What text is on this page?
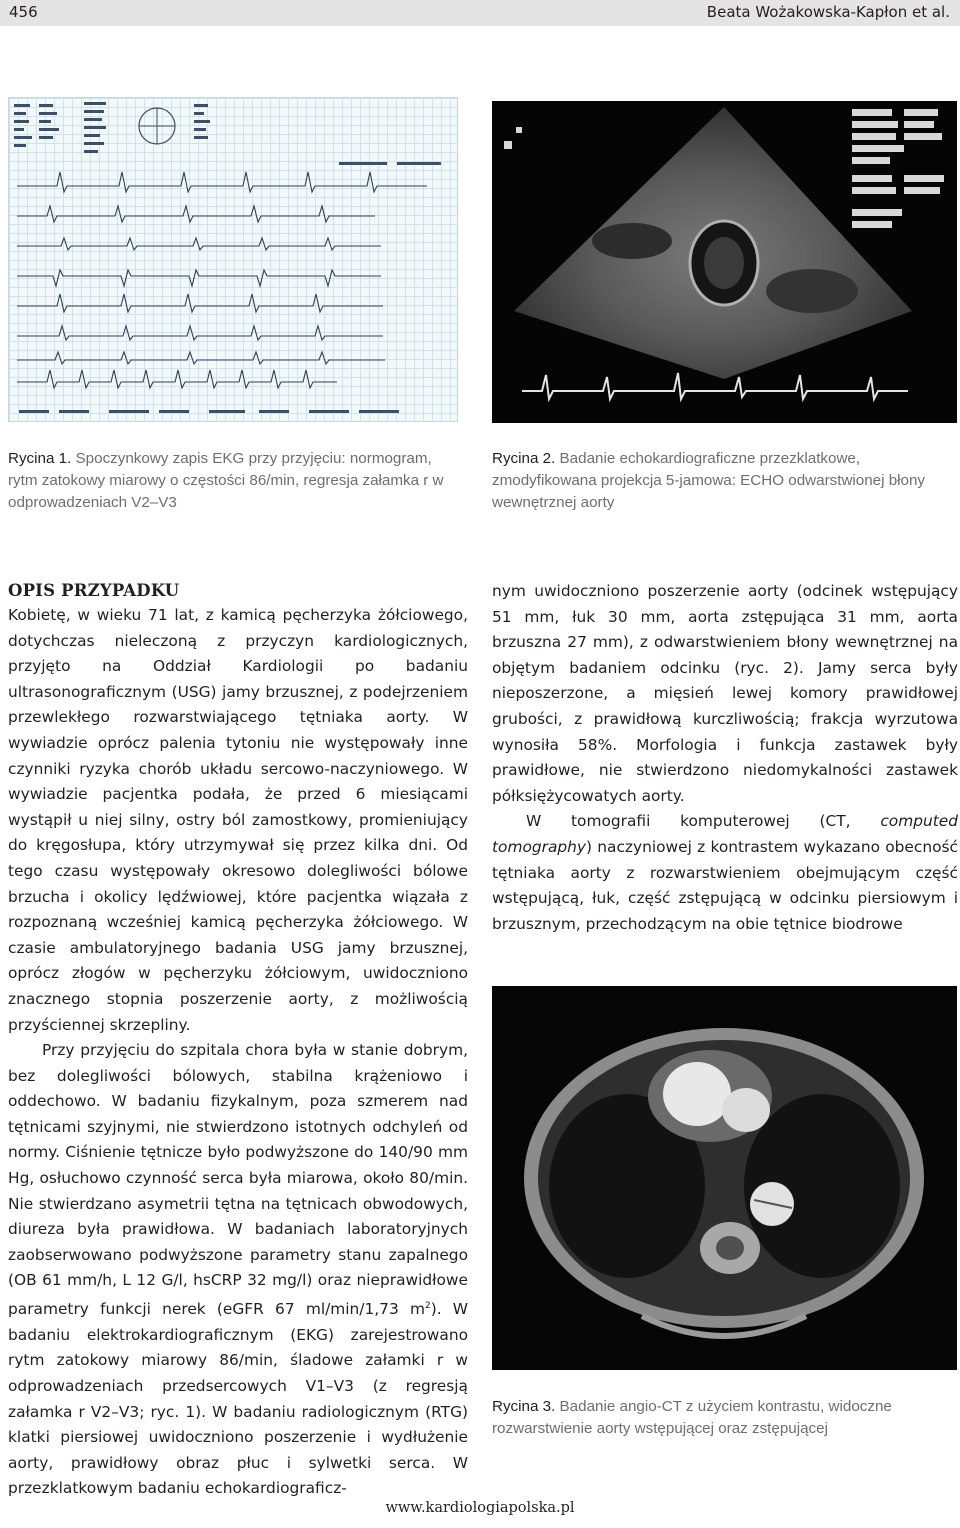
456	Beata Wożakowska-Kapłon et al.
Rycina 1. Spoczynkowy zapis EKG przy przyjęciu: normogram, rytm zatokowy miarowy o częstości 86/min, regresja załamka r w odprowadzeniach V2–V3
Rycina 2. Badanie echokardiograficzne przezklatkowe, zmodyfikowana projekcja 5-jamowa: ECHO odwarstwionej błony wewnętrznej aorty
Rycina 3. Badanie angio-CT z użyciem kontrastu, widoczne rozwarstwienie aorty wstępującej oraz zstępującej
OPIS PRZYPADKU

Kobietę, w wieku 71 lat, z kamicą pęcherzyka żółciowego, dotychczas nieleczoną z przyczyn kardiologicznych, przyjęto na Oddział Kardiologii po badaniu ultrasonograficznym (USG) jamy brzusznej, z podejrzeniem przewlekłego rozwarstwiającego tętniaka aorty. W wywiadzie oprócz palenia tytoniu nie występowały inne czynniki ryzyka chorób układu sercowo-naczyniowego. W wywiadzie pacjentka podała, że przed 6 miesiącami wystąpił u niej silny, ostry ból zamostkowy, promieniujący do kręgosłupa, który utrzymywał się przez kilka dni. Od tego czasu występowały okresowo dolegliwości bólowe brzucha i okolicy lędźwiowej, które pacjentka wiązała z rozpoznaną wcześniej kamicą pęcherzyka żółciowego. W czasie ambulatoryjnego badania USG jamy brzusznej, oprócz złogów w pęcherzyku żółciowym, uwidoczniono znacznego stopnia poszerzenie aorty, z możliwością przyściennej skrzepliny.

Przy przyjęciu do szpitala chora była w stanie dobrym, bez dolegliwości bólowych, stabilna krążeniowo i oddechowo. W badaniu fizykalnym, poza szmerem nad tętnicami szyjnymi, nie stwierdzono istotnych odchyleń od normy. Ciśnienie tętnicze było podwyższone do 140/90 mm Hg, osłuchowo czynność serca była miarowa, około 80/min. Nie stwierdzano asymetrii tętna na tętnicach obwodowych, diureza była prawidłowa. W badaniach laboratoryjnych zaobserwowano podwyższone parametry stanu zapalnego (OB 61 mm/h, L 12 G/l, hsCRP 32 mg/l) oraz nieprawidłowe parametry funkcji nerek (eGFR 67 ml/min/1,73 $m^2$). W badaniu elektrokardiograficznym (EKG) zarejestrowano rytm zatokowy miarowy 86/min, śladowe załamki r w odprowadzeniach przedsercowych V1–V3 (z regresją załamka r V2–V3; ryc. 1). W badaniu radiologicznym (RTG) klatki piersiowej uwidoczniono poszerzenie i wydłużenie aorty, prawidłowy obraz płuc i sylwetki serca. W przezklatkowym badaniu echokardiograficz-

nym uwidoczniono poszerzenie aorty (odcinek wstępujący 51 mm, łuk 30 mm, aorta zstępująca 31 mm, aorta brzuszna 27 mm), z odwarstwieniem błony wewnętrznej na objętym badaniem odcinku (ryc. 2). Jamy serca były nieposzerzone, a mięsień lewej komory prawidłowej grubości, z prawidłową kurczliwością; frakcja wyrzutowa wynosiła 58%. Morfologia i funkcja zastawek były prawidłowe, nie stwierdzono niedomykalności zastawek półksiężycowatych aorty.

W tomografii komputerowej (CT, computed tomography) naczyniowej z kontrastem wykazano obecność tętniaka aorty z rozwarstwieniem obejmującym część wstępującą, łuk, część zstępującą w odcinku piersiowym i brzusznym, przechodzącym na obie tętnice biodrowe

www.kardiologiapolska.pl
